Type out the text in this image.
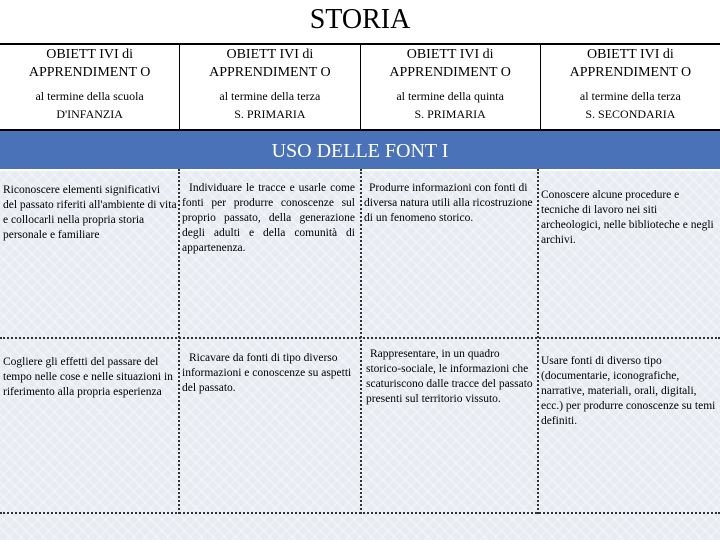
STORIA
OBIETT IVI di APPRENDIMENT O
al termine della scuola
D'INFANZIA
OBIETT IVI di APPRENDIMENT O
al termine della terza
S. PRIMARIA
OBIETT IVI di APPRENDIMENT O
al termine della quinta
S. PRIMARIA
OBIETT IVI di APPRENDIMENT O
al termine della terza
S. SECONDARIA
USO DELLE FONT I
Riconoscere elementi significativi del passato riferiti all'ambiente di vita e collocarli nella propria storia personale e familiare
Individuare le tracce e usarle come fonti per produrre conoscenze sul proprio passato, della generazione degli adulti e della comunità di appartenenza.
Produrre informazioni con fonti di diversa natura utili alla ricostruzione di un fenomeno storico.
Conoscere alcune procedure e tecniche di lavoro nei siti archeologici, nelle biblioteche e negli archivi.
Cogliere gli effetti del passare del tempo nelle cose e nelle situazioni in riferimento alla propria esperienza
Ricavare da fonti di tipo diverso informazioni e conoscenze su aspetti del passato.
Rappresentare, in un quadro storico-sociale, le informazioni che scaturiscono dalle tracce del passato presenti sul territorio vissuto.
Usare fonti di diverso tipo (documentarie, iconografiche, narrative, materiali, orali, digitali, ecc.) per produrre conoscenze su temi definiti.
